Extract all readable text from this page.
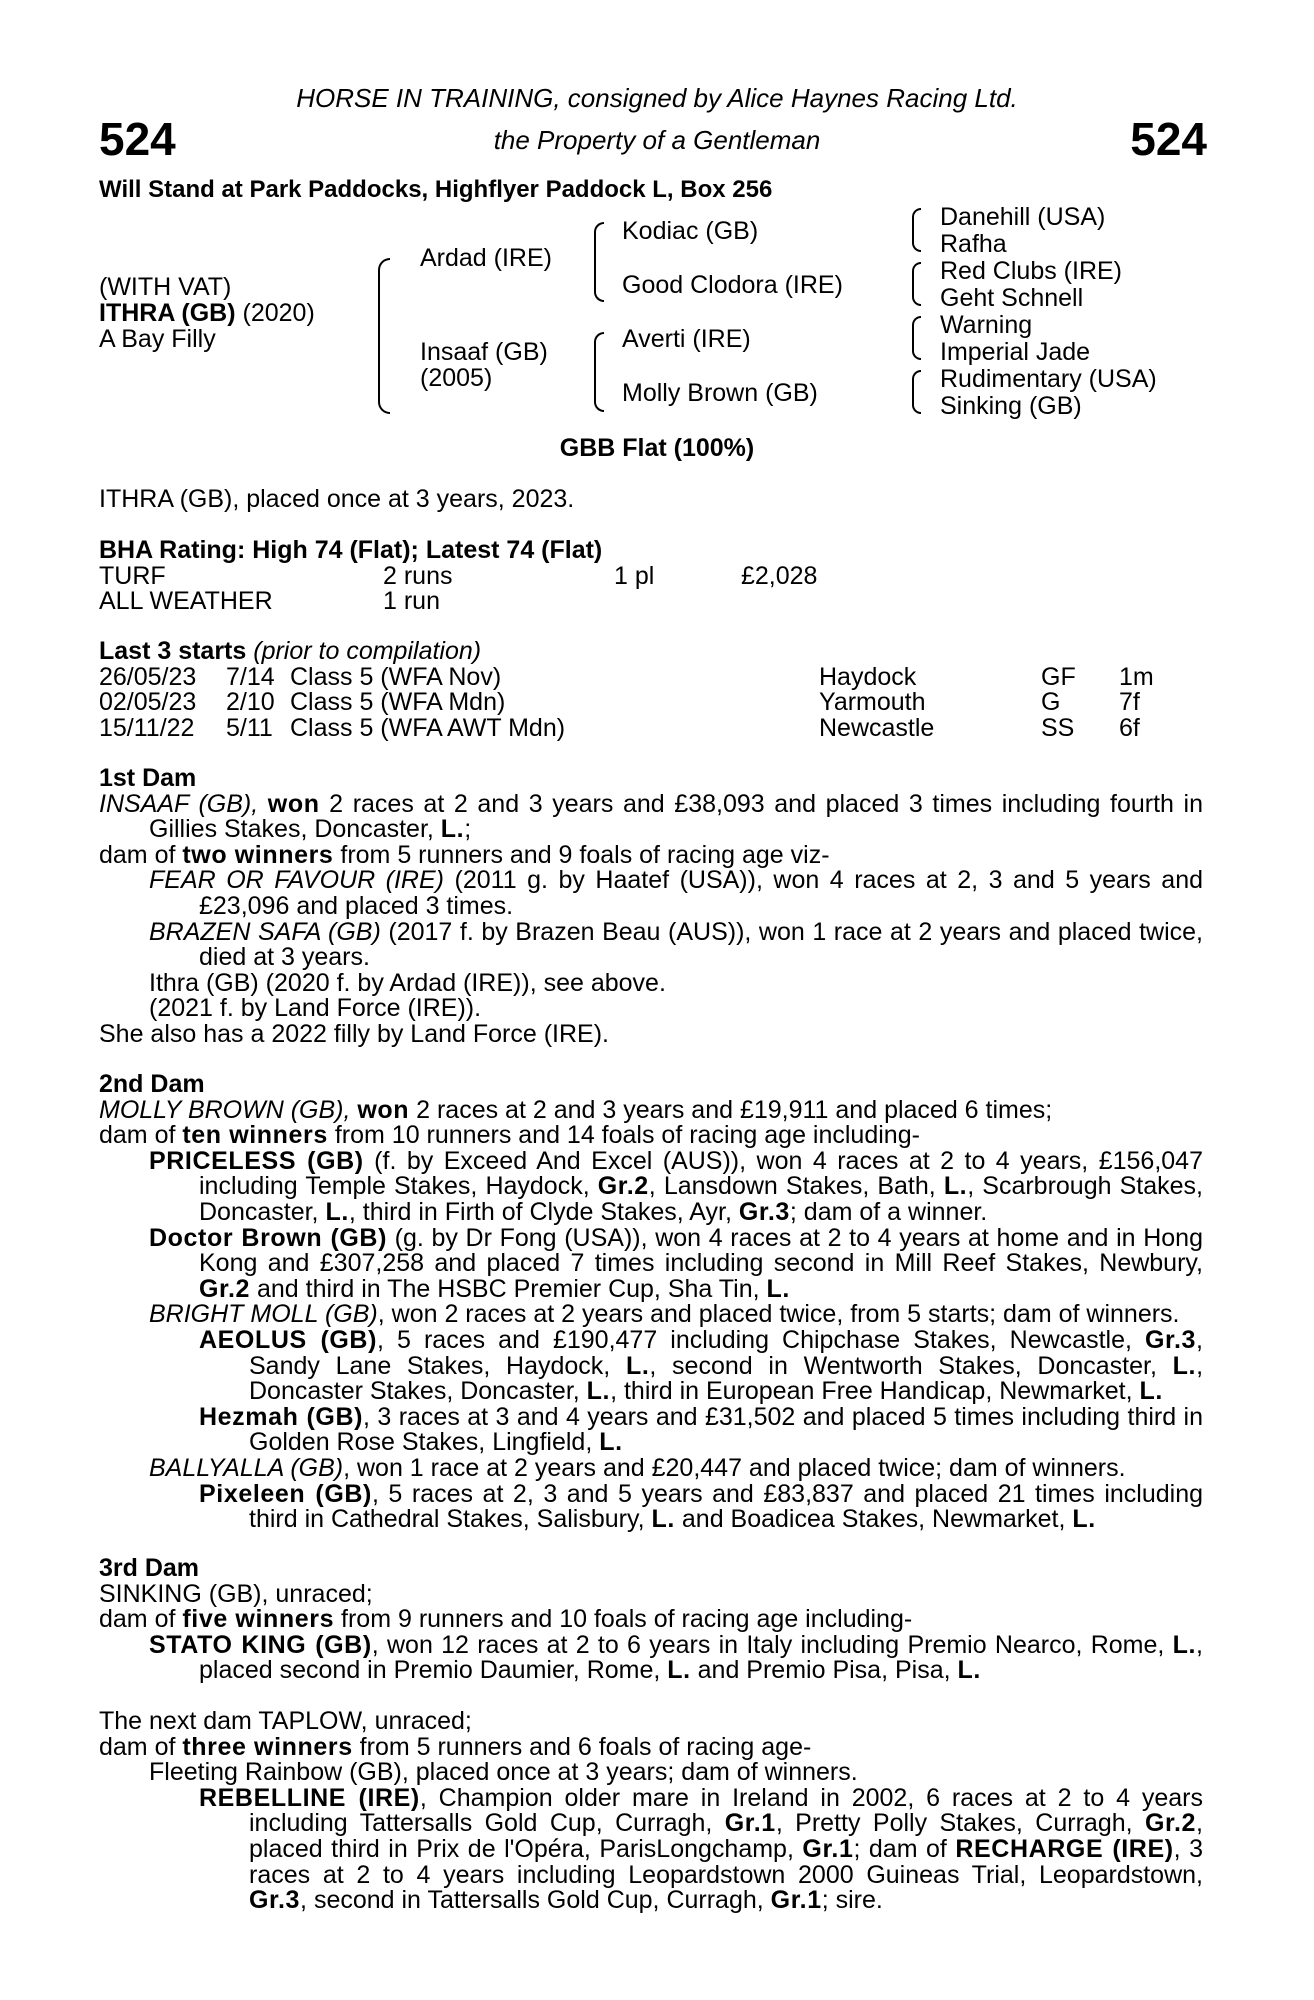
524	524
HORSE IN TRAINING, consigned by Alice Haynes Racing Ltd.
the Property of a Gentleman
Will Stand at Park Paddocks, Highflyer Paddock L, Box 256
(WITH VAT)
ITHRA (GB) (2020)
A Bay Filly
Ardad (IRE)
Insaaf (GB)
(2005)
Kodiac (GB)
Good Clodora (IRE)
Averti (IRE)
Molly Brown (GB)
Danehill (USA)
Rafha
Red Clubs (IRE)
Geht Schnell
Warning
Imperial Jade
Rudimentary (USA)
Sinking (GB)
GBB Flat (100%)
ITHRA (GB), placed once at 3 years, 2023.
BHA Rating: High 74 (Flat); Latest 74 (Flat)
TURF	2 runs	1 pl	£2,028
ALL WEATHER	1 run
Last 3 starts (prior to compilation)
26/05/23	7/14 Class 5 (WFA Nov)	Haydock	GF	1m
02/05/23	2/10 Class 5 (WFA Mdn)	Yarmouth	G	7f
15/11/22	5/11 Class 5 (WFA AWT Mdn)	Newcastle	SS	6f
1st Dam
INSAAF (GB), won 2 races at 2 and 3 years and £38,093 and placed 3 times including fourth in Gillies Stakes, Doncaster, L.;
dam of two winners from 5 runners and 9 foals of racing age viz-
FEAR OR FAVOUR (IRE) (2011 g. by Haatef (USA)), won 4 races at 2, 3 and 5 years and £23,096 and placed 3 times.
BRAZEN SAFA (GB) (2017 f. by Brazen Beau (AUS)), won 1 race at 2 years and placed twice, died at 3 years.
Ithra (GB) (2020 f. by Ardad (IRE)), see above.
(2021 f. by Land Force (IRE)).
She also has a 2022 filly by Land Force (IRE).
2nd Dam
MOLLY BROWN (GB), won 2 races at 2 and 3 years and £19,911 and placed 6 times;
dam of ten winners from 10 runners and 14 foals of racing age including-
PRICELESS (GB) (f. by Exceed And Excel (AUS)), won 4 races at 2 to 4 years, £156,047 including Temple Stakes, Haydock, Gr.2, Lansdown Stakes, Bath, L., Scarbrough Stakes, Doncaster, L., third in Firth of Clyde Stakes, Ayr, Gr.3; dam of a winner.
Doctor Brown (GB) (g. by Dr Fong (USA)), won 4 races at 2 to 4 years at home and in Hong Kong and £307,258 and placed 7 times including second in Mill Reef Stakes, Newbury, Gr.2 and third in The HSBC Premier Cup, Sha Tin, L.
BRIGHT MOLL (GB), won 2 races at 2 years and placed twice, from 5 starts; dam of winners.
AEOLUS (GB), 5 races and £190,477 including Chipchase Stakes, Newcastle, Gr.3, Sandy Lane Stakes, Haydock, L., second in Wentworth Stakes, Doncaster, L., Doncaster Stakes, Doncaster, L., third in European Free Handicap, Newmarket, L.
Hezmah (GB), 3 races at 3 and 4 years and £31,502 and placed 5 times including third in Golden Rose Stakes, Lingfield, L.
BALLYALLA (GB), won 1 race at 2 years and £20,447 and placed twice; dam of winners.
Pixeleen (GB), 5 races at 2, 3 and 5 years and £83,837 and placed 21 times including third in Cathedral Stakes, Salisbury, L. and Boadicea Stakes, Newmarket, L.
3rd Dam
SINKING (GB), unraced;
dam of five winners from 9 runners and 10 foals of racing age including-
STATO KING (GB), won 12 races at 2 to 6 years in Italy including Premio Nearco, Rome, L., placed second in Premio Daumier, Rome, L. and Premio Pisa, Pisa, L.
The next dam TAPLOW, unraced;
dam of three winners from 5 runners and 6 foals of racing age-
Fleeting Rainbow (GB), placed once at 3 years; dam of winners.
REBELLINE (IRE), Champion older mare in Ireland in 2002, 6 races at 2 to 4 years including Tattersalls Gold Cup, Curragh, Gr.1, Pretty Polly Stakes, Curragh, Gr.2, placed third in Prix de l'Opéra, ParisLongchamp, Gr.1; dam of RECHARGE (IRE), 3 races at 2 to 4 years including Leopardstown 2000 Guineas Trial, Leopardstown, Gr.3, second in Tattersalls Gold Cup, Curragh, Gr.1; sire.
